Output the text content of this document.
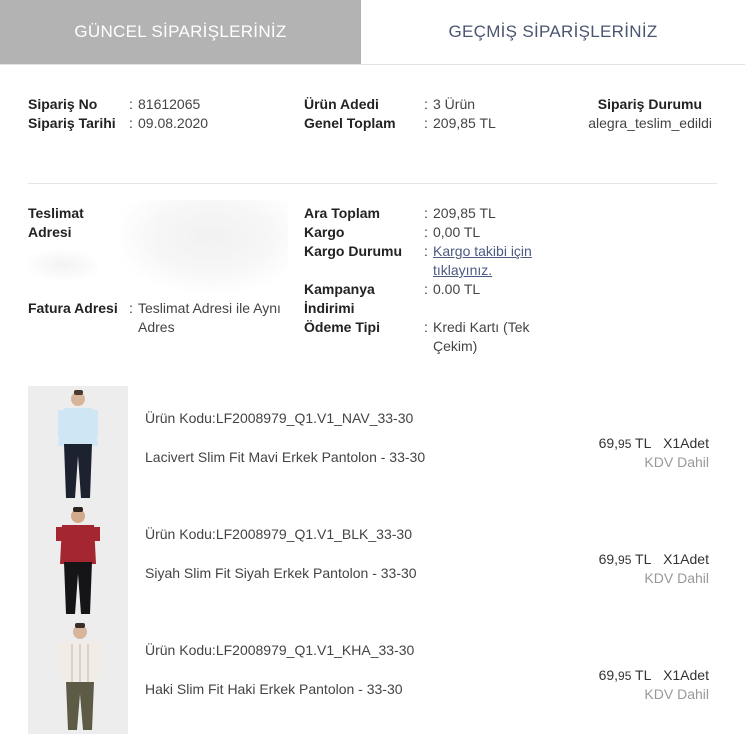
GÜNCEL SİPARİŞLERİNİZ	GEÇMİŞ SİPARİŞLERİNİZ
Sipariş No : 81612065
Sipariş Tarihi : 09.08.2020
Ürün Adedi	: 3 Ürün
Genel Toplam : 209,85 TL
Sipariş Durumu
alegra_teslim_edildi
Teslimat
Adresi
Fatura Adresi : Teslimat Adresi ile Aynı
Adres
Ara Toplam	: 209,85 TL
Kargo	: 0,00 TL
Kargo Durumu : Kargo takibi için
tıklayınız.
Kampanya
İndirimi
: 0.00 TL
Ödeme Tipi	: Kredi Kartı (Tek
Çekim)
Ürün Kodu:LF2008979_Q1.V1_NAV_33-30
Lacivert Slim Fit Mavi Erkek Pantolon - 33-30
69,95 TL X1Adet
KDV Dahil
Ürün Kodu:LF2008979_Q1.V1_BLK_33-30
Siyah Slim Fit Siyah Erkek Pantolon - 33-30
69,95 TL X1Adet
KDV Dahil
Ürün Kodu:LF2008979_Q1.V1_KHA_33-30
Haki Slim Fit Haki Erkek Pantolon - 33-30
69,95 TL X1Adet
KDV Dahil
